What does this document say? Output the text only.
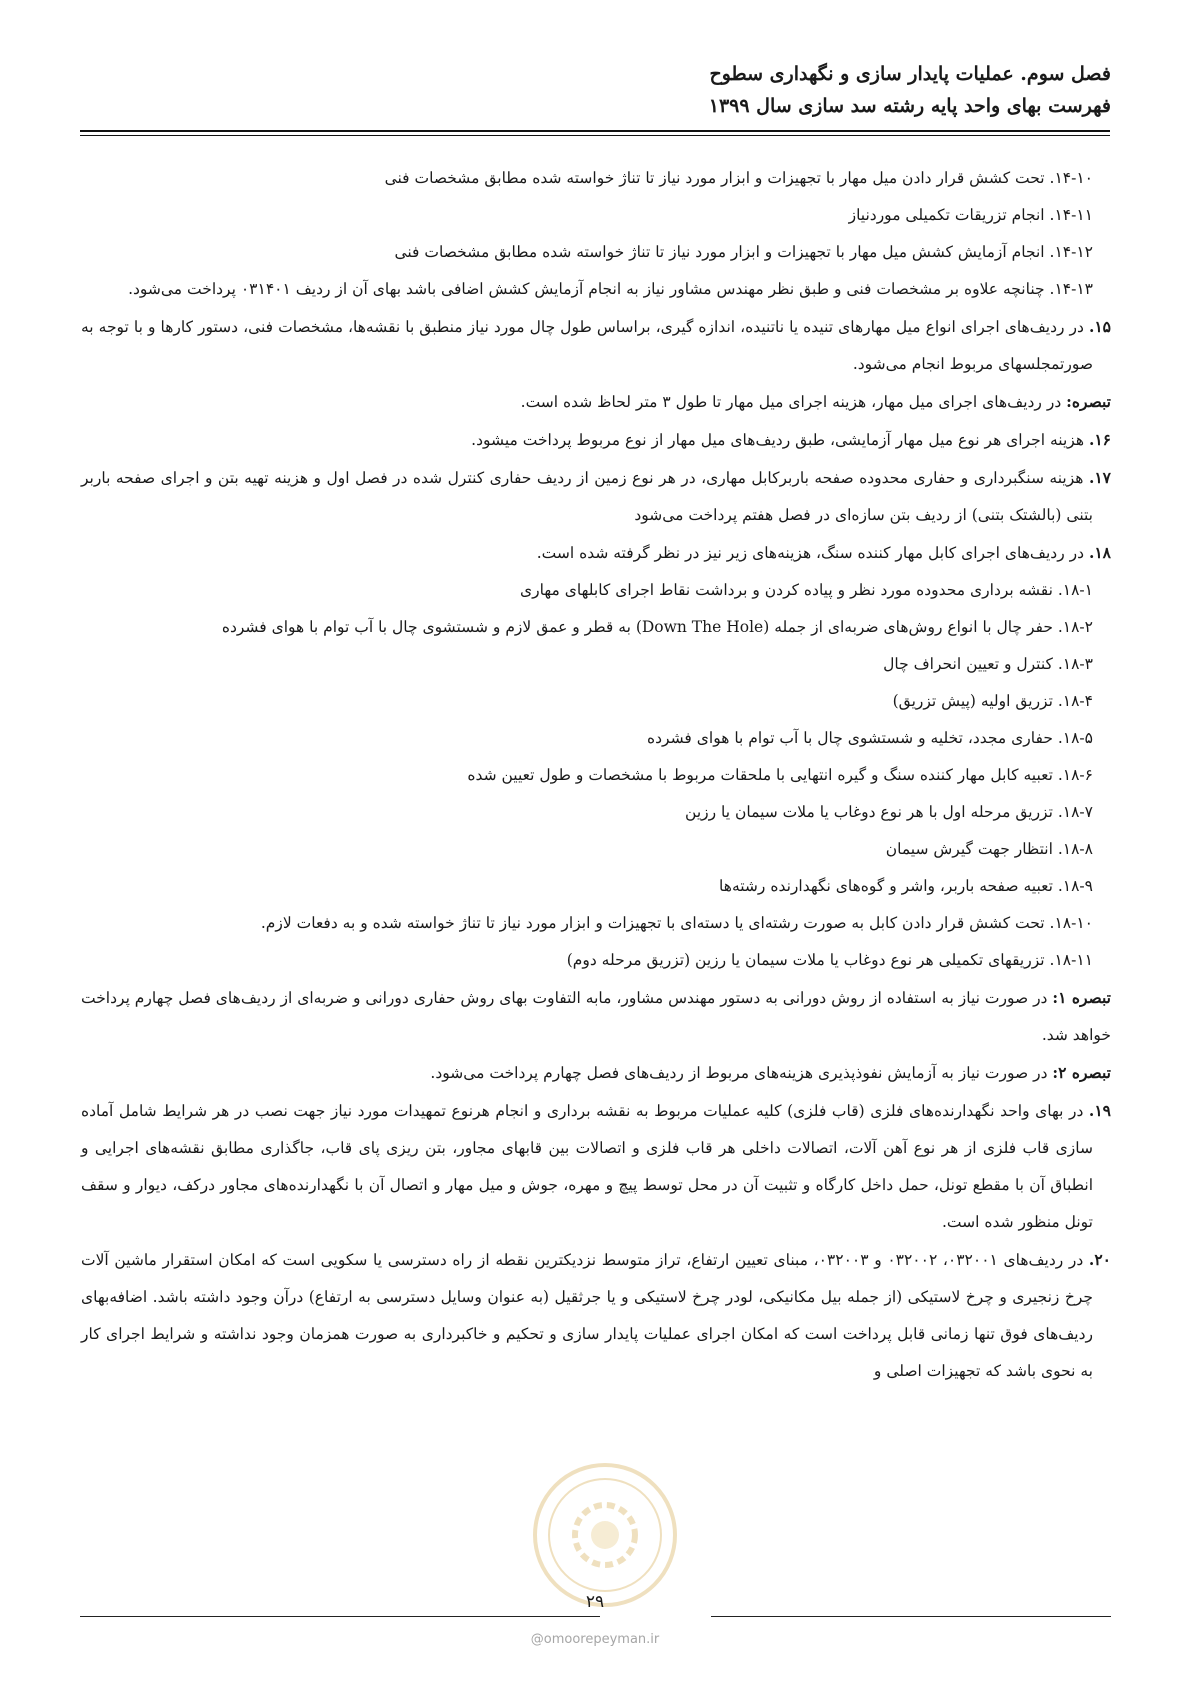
فصل سوم. عملیات پایدار سازی و نگهداری سطوح
فهرست بهای واحد پایه رشته سد سازی سال ۱۳۹۹

۱۴-۱۰. تحت کشش قرار دادن میل مهار با تجهیزات و ابزار مورد نیاز تا تناژ خواسته شده مطابق مشخصات فنی

۱۴-۱۱. انجام تزریقات تکمیلی موردنیاز

۱۴-۱۲. انجام آزمایش کشش میل مهار با تجهیزات و ابزار مورد نیاز تا تناژ خواسته شده مطابق مشخصات فنی

۱۴-۱۳. چنانچه علاوه بر مشخصات فنی و طبق نظر مهندس مشاور نیاز به انجام آزمایش کشش اضافی باشد بهای آن از ردیف ۰۳۱۴۰۱ پرداخت می‌شود.

۱۵. در ردیف‌های اجرای انواع میل مهارهای تنیده یا ناتنیده، اندازه گیری، براساس طول چال مورد نیاز منطبق با نقشه‌ها، مشخصات فنی، دستور کارها و با توجه به صورتمجلسهای مربوط انجام می‌شود.

تبصره: در ردیف‌های اجرای میل مهار، هزینه اجرای میل مهار تا طول ۳ متر لحاظ شده است.

۱۶. هزینه اجرای هر نوع میل مهار آزمایشی، طبق ردیف‌های میل مهار از نوع مربوط پرداخت میشود.

۱۷. هزینه سنگبرداری و حفاری محدوده صفحه باربرکابل مهاری، در هر نوع زمین از ردیف حفاری کنترل شده در فصل اول و هزینه تهیه بتن و اجرای صفحه باربر بتنی (بالشتک بتنی) از ردیف بتن سازه‌ای در فصل هفتم پرداخت می‌شود

۱۸. در ردیف‌های اجرای کابل مهار کننده سنگ، هزینه‌های زیر نیز در نظر گرفته شده است.

۱۸-۱. نقشه برداری محدوده مورد نظر و پیاده کردن و برداشت نقاط اجرای کابلهای مهاری

۱۸-۲. حفر چال با انواع روش‌های ضربه‌ای از جمله (Down The Hole) به قطر و عمق لازم و شستشوی چال با آب توام با هوای فشرده

۱۸-۳. کنترل و تعیین انحراف چال

۱۸-۴. تزریق اولیه (پیش تزریق)

۱۸-۵. حفاری مجدد، تخلیه و شستشوی چال با آب توام با هوای فشرده

۱۸-۶. تعبیه کابل مهار کننده سنگ و گیره انتهایی با ملحقات مربوط با مشخصات و طول تعیین شده

۱۸-۷. تزریق مرحله اول با هر نوع دوغاب یا ملات سیمان یا رزین

۱۸-۸. انتظار جهت گیرش سیمان

۱۸-۹. تعبیه صفحه باربر، واشر و گوه‌های نگهدارنده رشته‌ها

۱۸-۱۰. تحت کشش قرار دادن کابل به صورت رشته‌ای یا دسته‌ای با تجهیزات و ابزار مورد نیاز تا تناژ خواسته شده و به دفعات لازم.

۱۸-۱۱. تزریقهای تکمیلی هر نوع دوغاب یا ملات سیمان یا رزین (تزریق مرحله دوم)

تبصره ۱: در صورت نیاز به استفاده از روش دورانی به دستور مهندس مشاور، مابه التفاوت بهای روش حفاری دورانی و ضربه‌ای از ردیف‌های فصل چهارم پرداخت خواهد شد.

تبصره ۲: در صورت نیاز به آزمایش نفوذپذیری هزینه‌های مربوط از ردیف‌های فصل چهارم پرداخت می‌شود.

۱۹. در بهای واحد نگهدارنده‌های فلزی (قاب فلزی) کلیه عملیات مربوط به نقشه برداری و انجام هرنوع تمهیدات مورد نیاز جهت نصب در هر شرایط شامل آماده سازی قاب فلزی از هر نوع آهن آلات، اتصالات داخلی هر قاب فلزی و اتصالات بین قابهای مجاور، بتن ریزی پای قاب، جاگذاری مطابق نقشه‌های اجرایی و انطباق آن با مقطع تونل، حمل داخل کارگاه و تثبیت آن در محل توسط پیچ و مهره، جوش و میل مهار و اتصال آن با نگهدارنده‌های مجاور درکف، دیوار و سقف تونل منظور شده است.

۲۰. در ردیف‌های ۰۳۲۰۰۱، ۰۳۲۰۰۲ و ۰۳۲۰۰۳، مبنای تعیین ارتفاع، تراز متوسط نزدیکترین نقطه از راه دسترسی یا سکویی است که امکان استقرار ماشین آلات چرخ زنجیری و چرخ لاستیکی (از جمله بیل مکانیکی، لودر چرخ لاستیکی و یا جرثقیل (به عنوان وسایل دسترسی به ارتفاع) درآن وجود داشته باشد. اضافه‌بهای ردیف‌های فوق تنها زمانی قابل پرداخت است که امکان اجرای عملیات پایدار سازی و تحکیم و خاکبرداری به صورت همزمان وجود نداشته و شرایط اجرای کار به نحوی باشد که تجهیزات اصلی و

۲۹
@omoorepeyman.ir
